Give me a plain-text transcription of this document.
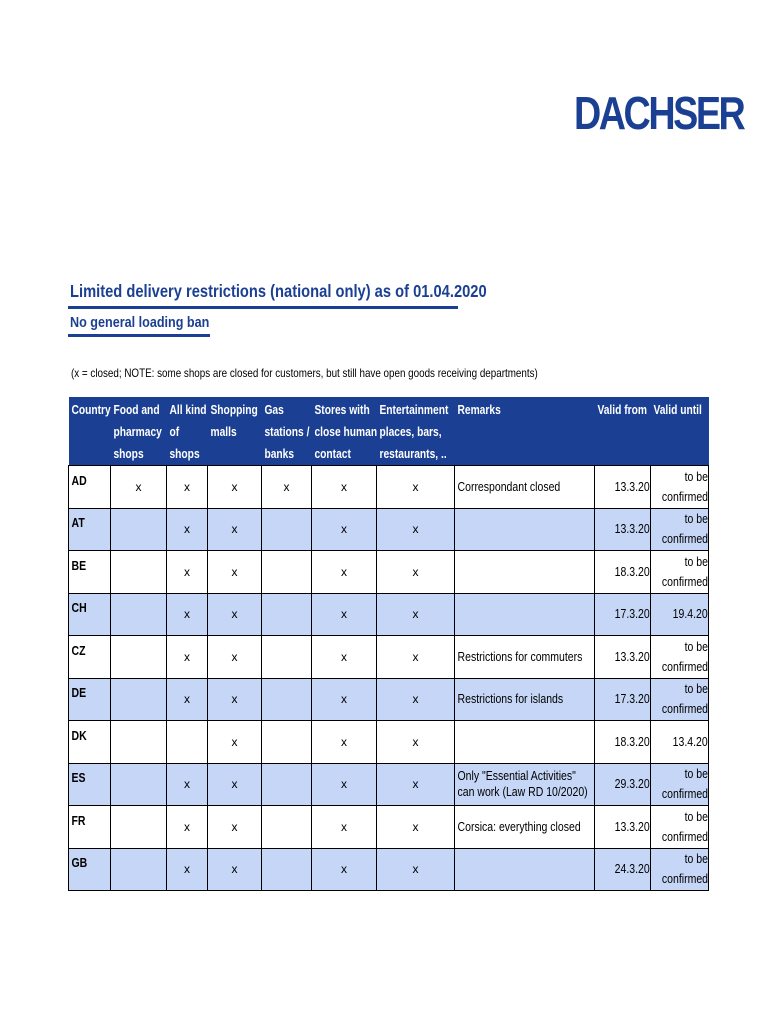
DACHSER
Limited delivery restrictions (national only) as of 01.04.2020
No general loading ban
(x = closed; NOTE: some shops are closed for customers, but still have open goods receiving departments)
Country	Food and pharmacy shops	All kind of shops	Shopping malls	Gas stations / banks	Stores with close human contact	Entertainment places, bars, restaurants, ..	Remarks	Valid from	Valid until

AD	x	x	x	x	x	x	Correspondant closed	13.3.20	to be confirmed
AT		x	x		x	x		13.3.20	to be confirmed
BE		x	x		x	x		18.3.20	to be confirmed
CH		x	x		x	x		17.3.20	19.4.20
CZ		x	x		x	x	Restrictions for commuters	13.3.20	to be confirmed
DE		x	x		x	x	Restrictions for islands	17.3.20	to be confirmed
DK			x		x	x		18.3.20	13.4.20
ES		x	x		x	x	Only "Essential Activities" can work (Law RD 10/2020)	29.3.20	to be confirmed
FR		x	x		x	x	Corsica: everything closed	13.3.20	to be confirmed
GB		x	x		x	x		24.3.20	to be confirmed
